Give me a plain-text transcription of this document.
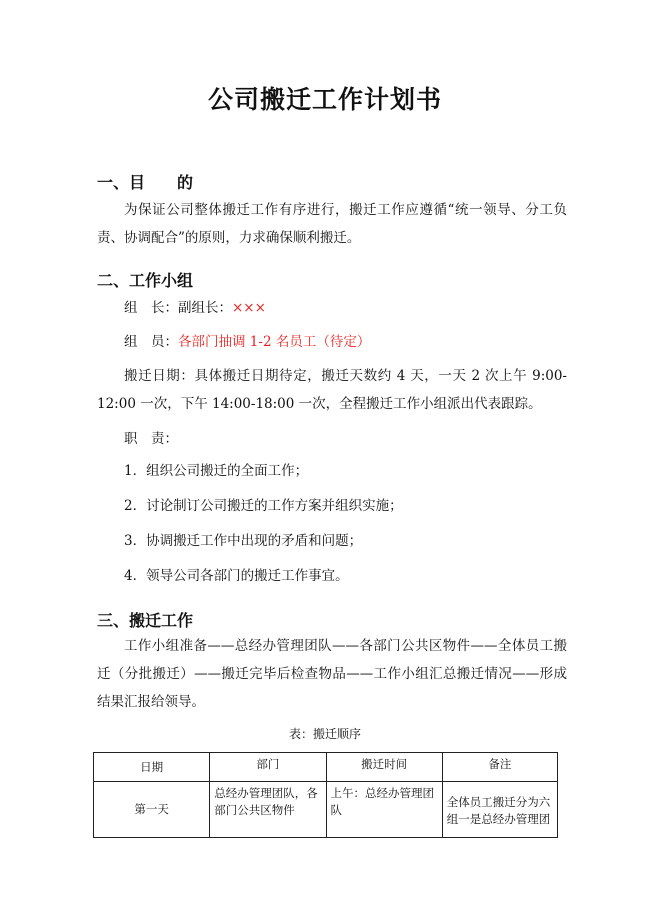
公司搬迁工作计划书
一、目　　的
为保证公司整体搬迁工作有序进行，搬迁工作应遵循“统一领导、分工负责、协调配合”的原则，力求确保顺利搬迁。
二、工作小组
组　长：副组长：×××
组　员：各部门抽调 1-2 名员工（待定）
搬迁日期：具体搬迁日期待定，搬迁天数约 4 天，一天 2 次上午 9:00-12:00 一次，下午 14:00-18:00 一次，全程搬迁工作小组派出代表跟踪。
职　责：
1．组织公司搬迁的全面工作；
2．讨论制订公司搬迁的工作方案并组织实施；
3．协调搬迁工作中出现的矛盾和问题；
4．领导公司各部门的搬迁工作事宜。
三、搬迁工作
工作小组准备——总经办管理团队——各部门公共区物件——全体员工搬迁（分批搬迁）——搬迁完毕后检查物品——工作小组汇总搬迁情况——形成结果汇报给领导。
表：搬迁顺序
日期	部门	搬迁时间	备注
第一天	总经办管理团队，各部门公共区物件	上午：总经办管理团队	全体员工搬迁分为六组一是总经办管理团
